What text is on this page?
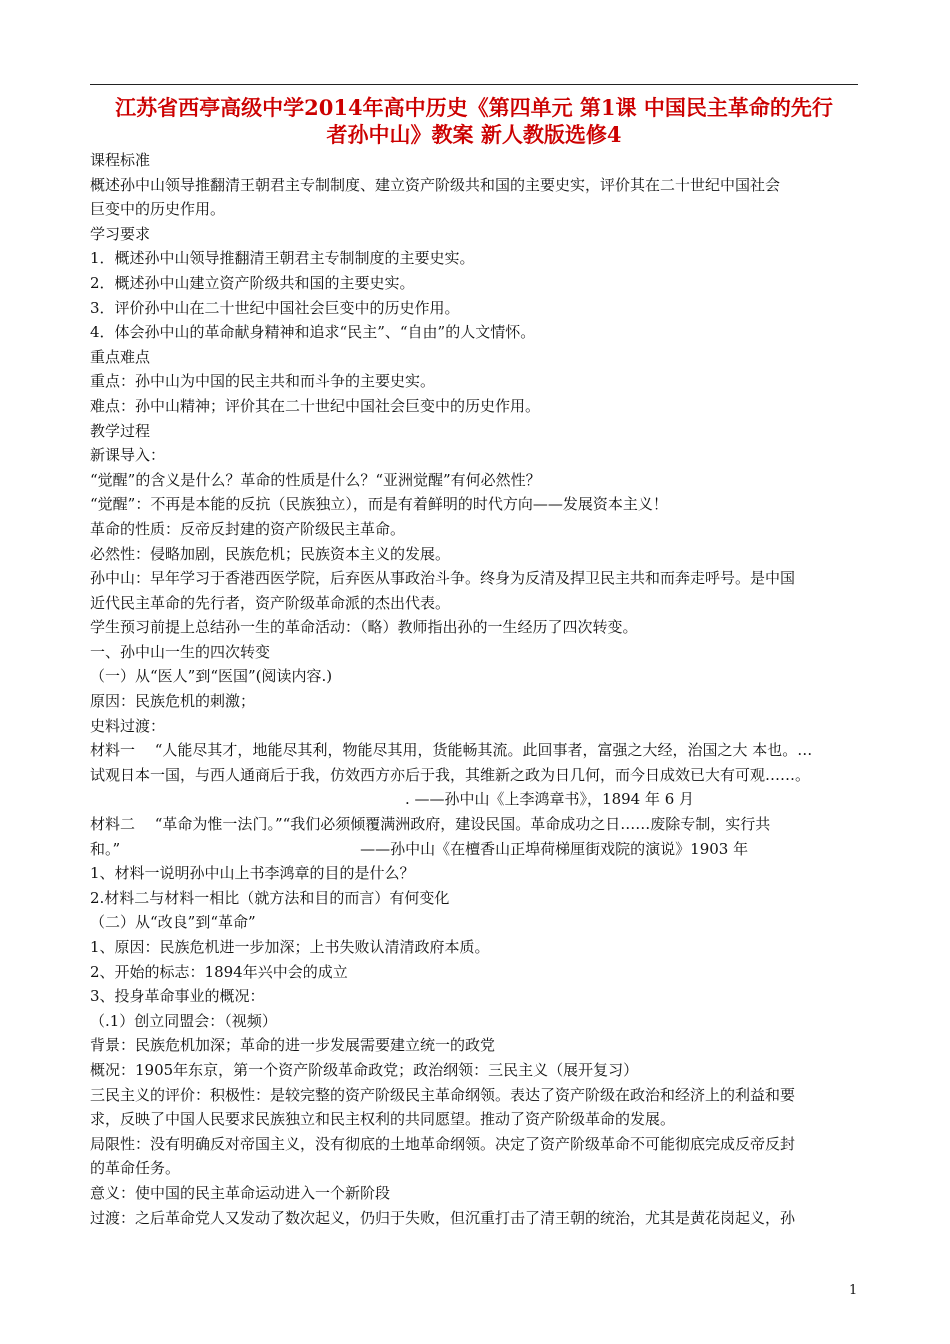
江苏省西亭高级中学2014年高中历史《第四单元 第1课 中国民主革命的先行
者孙中山》教案 新人教版选修4
课程标准
概述孙中山领导推翻清王朝君主专制制度、建立资产阶级共和国的主要史实，评价其在二十世纪中国社会
巨变中的历史作用。
学习要求
1．概述孙中山领导推翻清王朝君主专制制度的主要史实。
2．概述孙中山建立资产阶级共和国的主要史实。
3．评价孙中山在二十世纪中国社会巨变中的历史作用。
4．体会孙中山的革命献身精神和追求“民主”、“自由”的人文情怀。
重点难点
重点：孙中山为中国的民主共和而斗争的主要史实。
难点：孙中山精神；评价其在二十世纪中国社会巨变中的历史作用。
教学过程
新课导入：
“觉醒”的含义是什么？革命的性质是什么？“亚洲觉醒”有何必然性？
“觉醒”：不再是本能的反抗（民族独立），而是有着鲜明的时代方向——发展资本主义！
革命的性质：反帝反封建的资产阶级民主革命。
必然性：侵略加剧，民族危机；民族资本主义的发展。
孙中山：早年学习于香港西医学院，后弃医从事政治斗争。终身为反清及捍卫民主共和而奔走呼号。是中国
近代民主革命的先行者，资产阶级革命派的杰出代表。
学生预习前提上总结孙一生的革命活动：（略）教师指出孙的一生经历了四次转变。
一、孙中山一生的四次转变
（一）从“医人”到“医国”(阅读内容.)
原因：民族危机的刺激；
史料过渡：
材料一　 “人能尽其才，地能尽其利，物能尽其用，货能畅其流。此回事者，富强之大经，治国之大 本也。…
试观日本一国，与西人通商后于我，仿效西方亦后于我，其维新之政为日几何，而今日成效已大有可观……。
　　　　　　　　　　　　　　　　　　　　　. ——孙中山《上李鸿章书》，1894 年 6 月
材料二　 “革命为惟一法门。”“我们必须倾覆满洲政府，建设民国。革命成功之日……废除专制，实行共
和。”　　　　　　　　　　　　　　　　——孙中山《在檀香山正埠荷梯厘街戏院的演说》1903 年
1、材料一说明孙中山上书李鸿章的目的是什么？
2.材料二与材料一相比（就方法和目的而言）有何变化
（二）从“改良”到“革命”
1、原因：民族危机进一步加深；上书失败认清清政府本质。
2、开始的标志：1894年兴中会的成立
3、投身革命事业的概况：
（.1）创立同盟会：（视频）
背景：民族危机加深；革命的进一步发展需要建立统一的政党
概况：1905年东京，第一个资产阶级革命政党；政治纲领：三民主义（展开复习）
三民主义的评价：积极性：是较完整的资产阶级民主革命纲领。表达了资产阶级在政治和经济上的利益和要
求，反映了中国人民要求民族独立和民主权利的共同愿望。推动了资产阶级革命的发展。
局限性：没有明确反对帝国主义，没有彻底的土地革命纲领。决定了资产阶级革命不可能彻底完成反帝反封
的革命任务。
意义：使中国的民主革命运动进入一个新阶段
过渡：之后革命党人又发动了数次起义，仍归于失败，但沉重打击了清王朝的统治，尤其是黄花岗起义，孙
1
